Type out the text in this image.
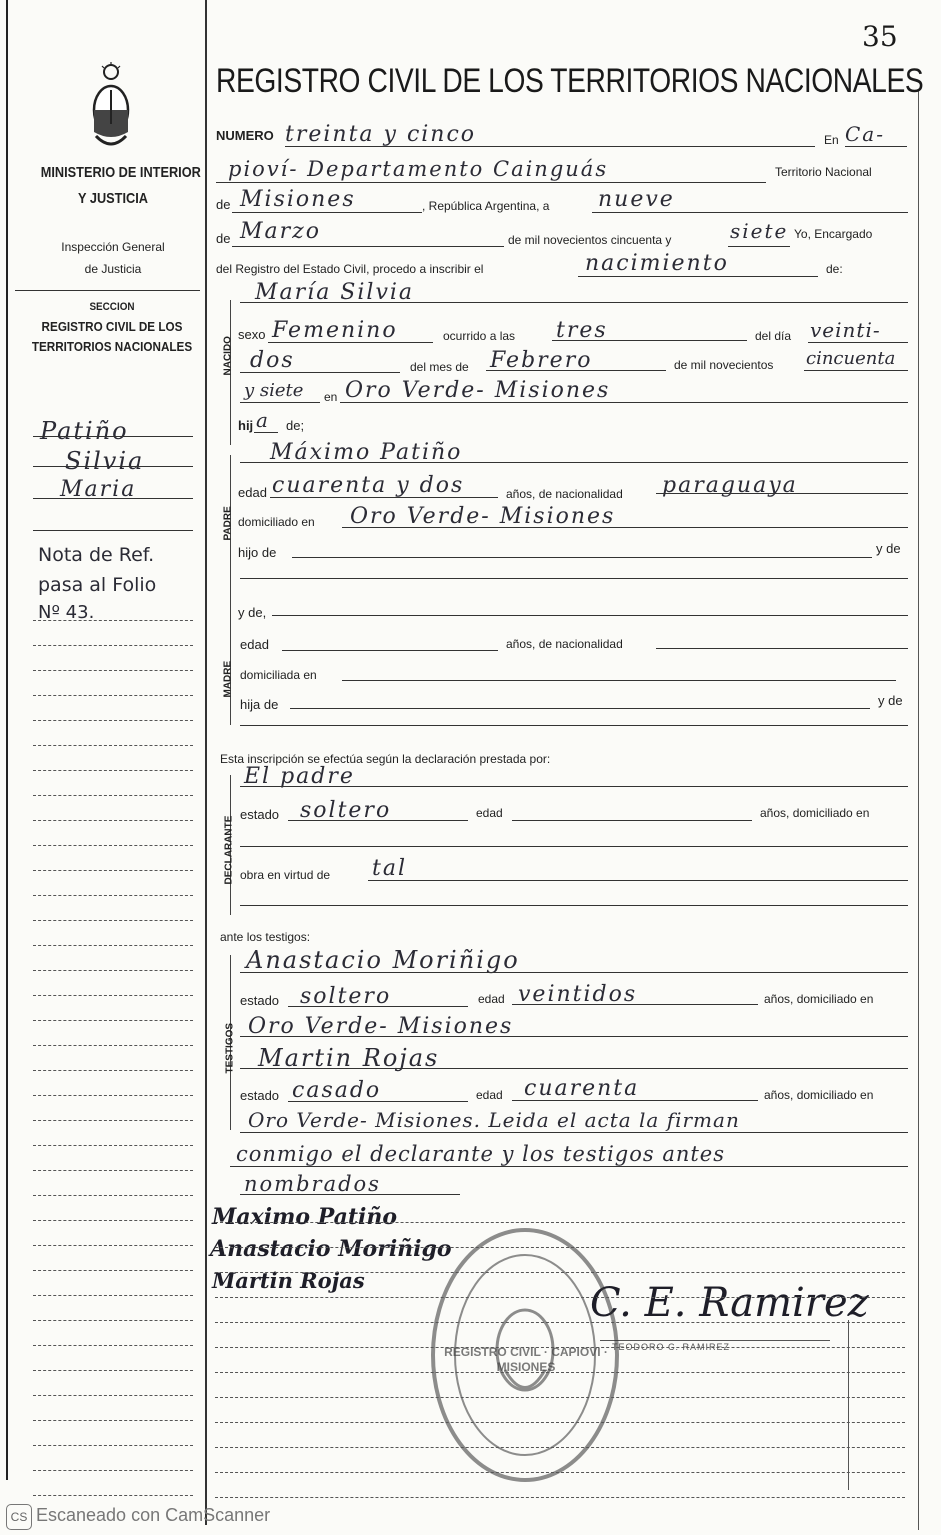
35
REGISTRO CIVIL DE LOS TERRITORIOS NACIONALES
MINISTERIO DE INTERIOR
Y JUSTICIA
Inspección General
de Justicia
SECCION
REGISTRO CIVIL DE LOS
TERRITORIOS NACIONALES
Patiño
Silvia
Maria
Nota de Ref.
pasa al Folio
Nº 43.
NUMERO treinta y cinco	En Ca-
pioví- Departamento Cainguás	Territorio Nacional
de Misiones	, República Argentina, a nueve
de Marzo	de mil novecientos cincuenta y	siete Yo, Encargado
del Registro del Estado Civil, procedo a inscribir el	nacimiento	de:
NACIDO
María Silvia
sexo Femenino	ocurrido a las tres	del día veinti-
dos	del mes de Febrero	de mil novecientos cincuenta
y siete en Oro Verde- Misiones
hij a de;
PADRE
Máximo Patiño
edad cuarenta y dos	años, de nacionalidad paraguaya
domiciliado en Oro Verde- Misiones
hijo de	y de
MADRE
y de,
edad	años, de nacionalidad
domiciliada en
hija de	y de
Esta inscripción se efectúa según la declaración prestada por:
DECLARANTE
El padre
estado soltero	edad	años, domiciliado en
obra en virtud de tal
ante los testigos:
TESTIGOS
Anastacio Moriñigo
estado soltero	edad veintidos	años, domiciliado en
Oro Verde- Misiones
Martin Rojas
estado casado	edad cuarenta	años, domiciliado en
Oro Verde- Misiones. Leida el acta la firman
conmigo el declarante y los testigos antes
nombrados
Maximo Patiño
Anastacio Moriñigo
Martin Rojas	C. E. Ramirez
TEODORO C. RAMIREZ
REGISTRO CIVIL · CAPIOVI · MISIONES
CS Escaneado con CamScanner
